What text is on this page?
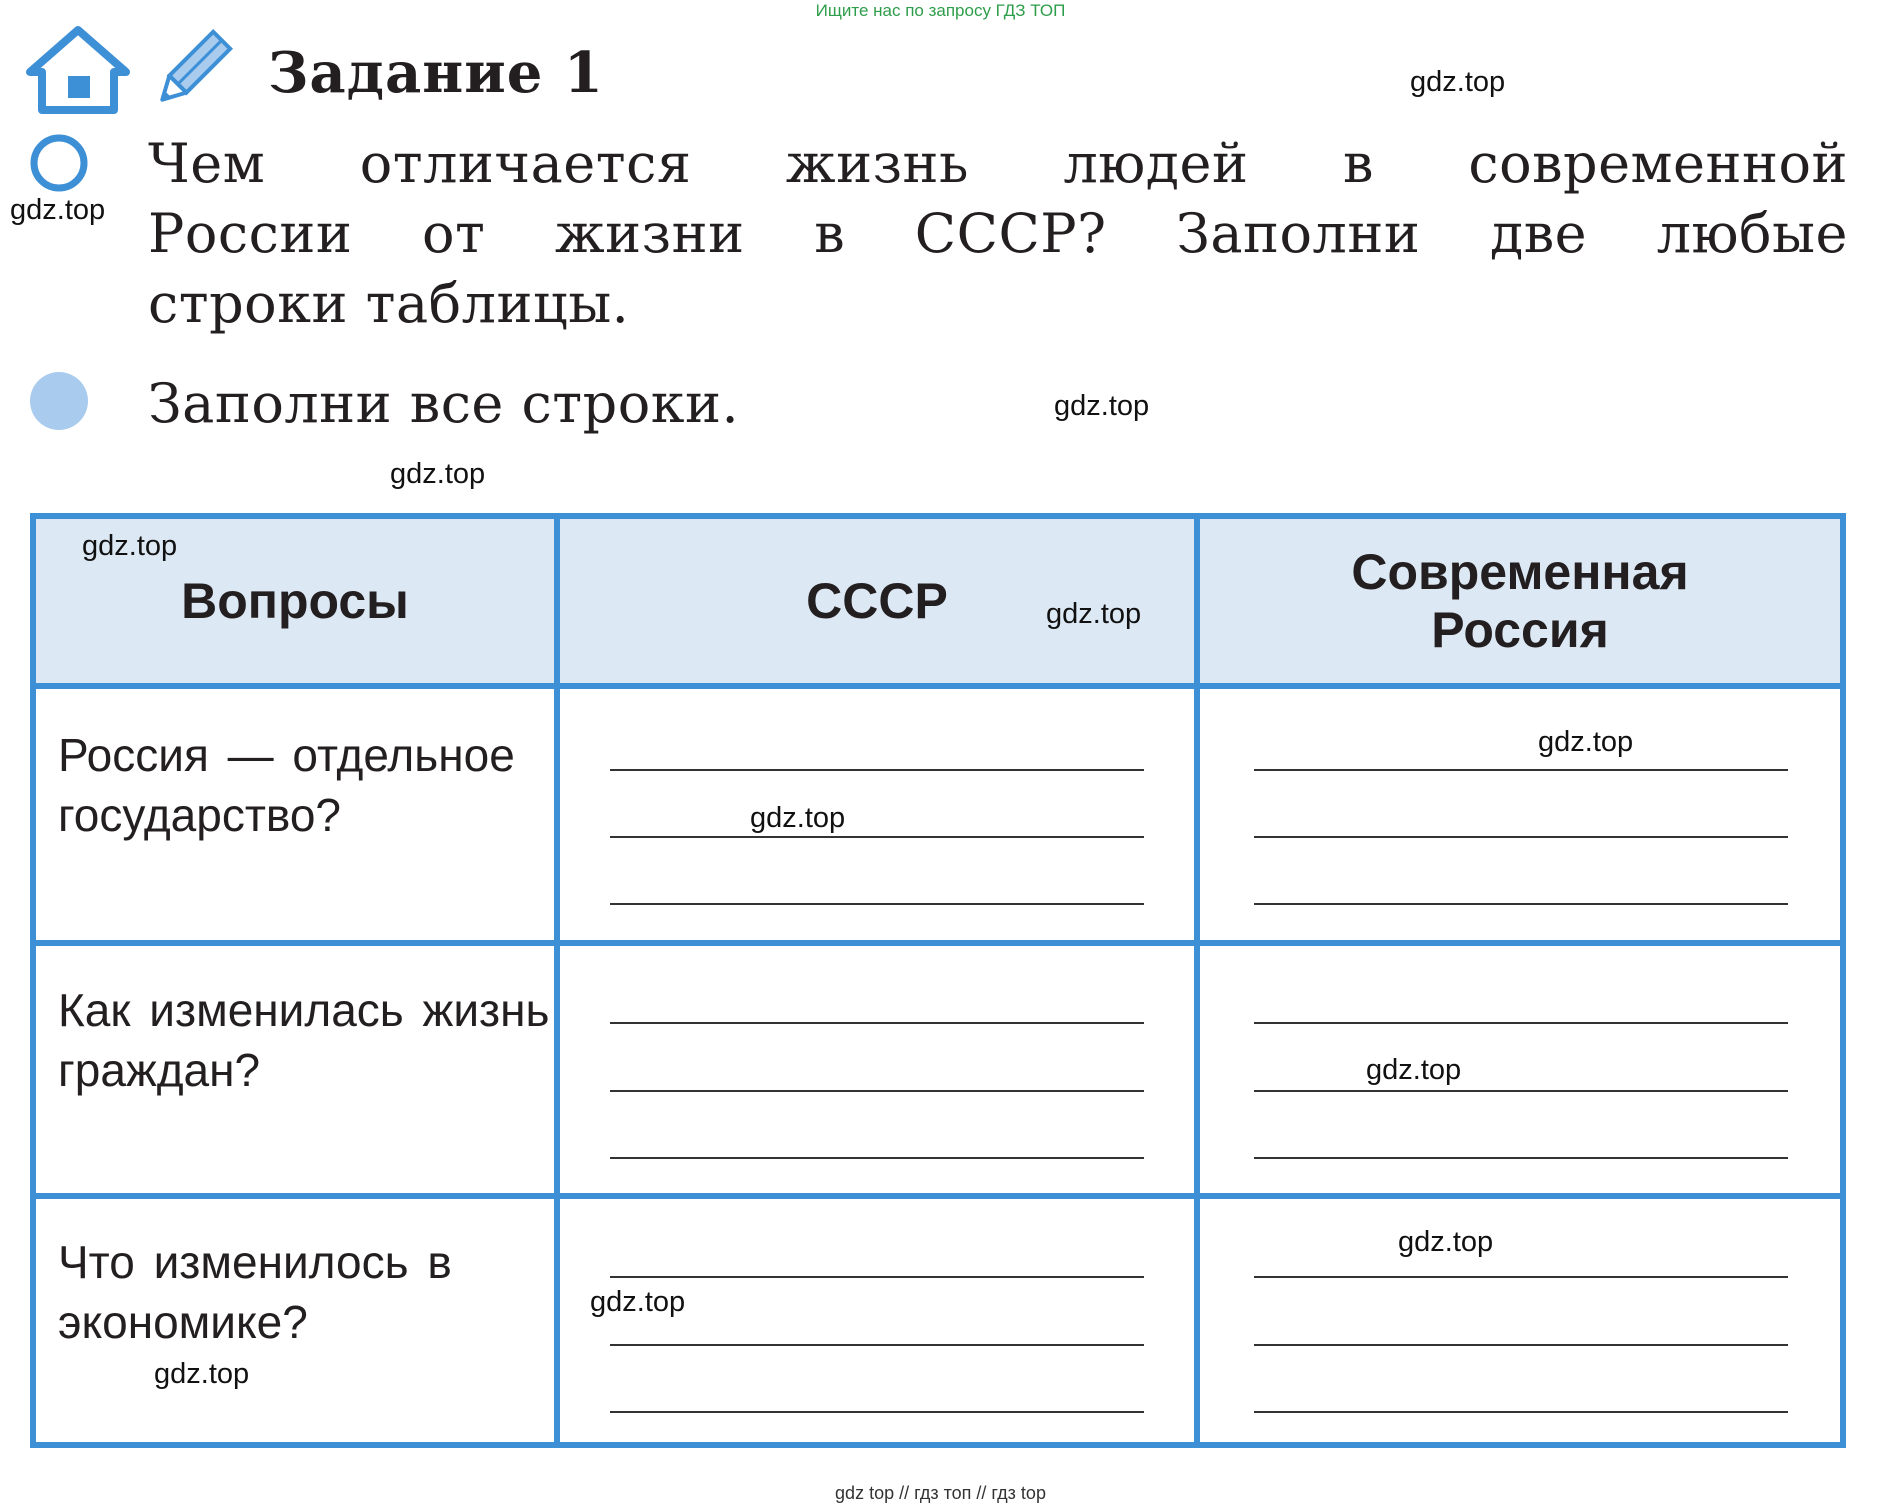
Ищите нас по запросу ГДЗ ТОП
Задание 1
Чем отличается жизнь людей в современной
России от жизни в СССР? Заполни две любые
строки таблицы.
Заполни все строки.
Вопросы	СССР
Современная Россия
Россия — отдельное государство?
Как изменилась жизнь граждан?
Что изменилось в экономике?
gdz.top
gdz.top
gdz.top
gdz.top
gdz.top
gdz.top
gdz.top
gdz.top
gdz.top
gdz.top
gdz.top
gdz.top
gdz top // гдз топ // гдз top
